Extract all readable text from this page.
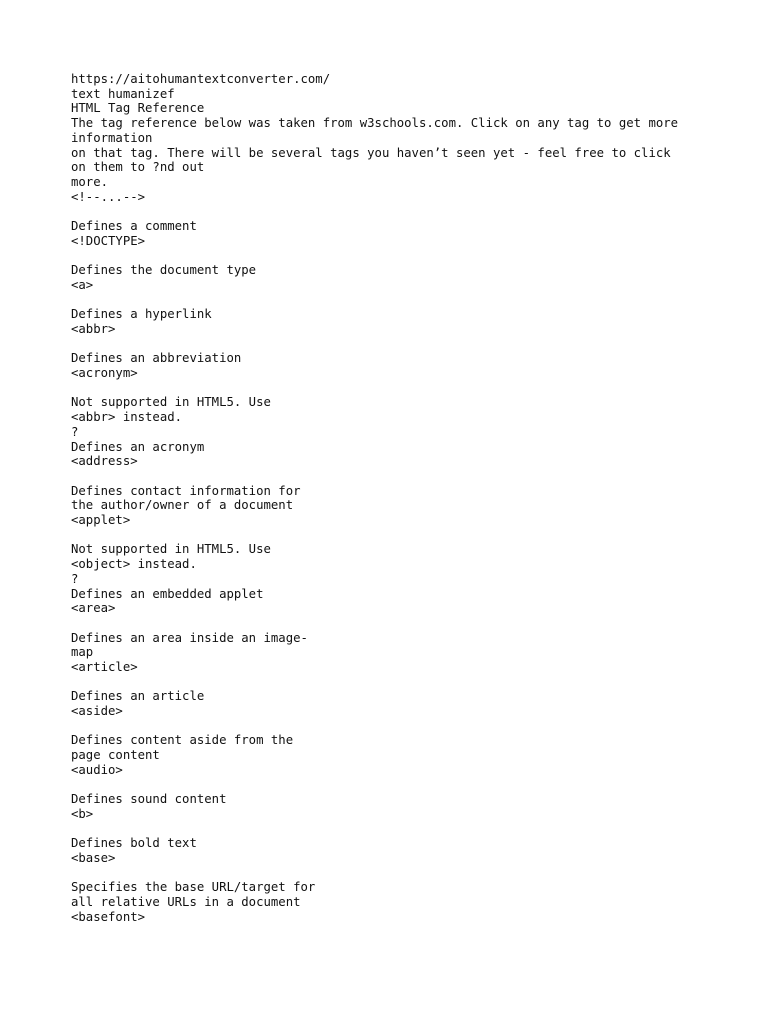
https://aitohumantextconverter.com/
text humanizef
HTML Tag Reference
The tag reference below was taken from w3schools.com. Click on any tag to get more
information
on that tag. There will be several tags you haven’t seen yet - feel free to click
on them to ?nd out
more.
<!--...-->
Defines a comment
<!DOCTYPE>
Defines the document type
<a>
Defines a hyperlink
<abbr>
Defines an abbreviation
<acronym>
Not supported in HTML5. Use
<abbr> instead.
?
Defines an acronym
<address>
Defines contact information for
the author/owner of a document
<applet>
Not supported in HTML5. Use
<object> instead.
?
Defines an embedded applet
<area>
Defines an area inside an image-
map
<article>
Defines an article
<aside>
Defines content aside from the
page content
<audio>
Defines sound content
<b>
Defines bold text
<base>
Specifies the base URL/target for
all relative URLs in a document
<basefont>
